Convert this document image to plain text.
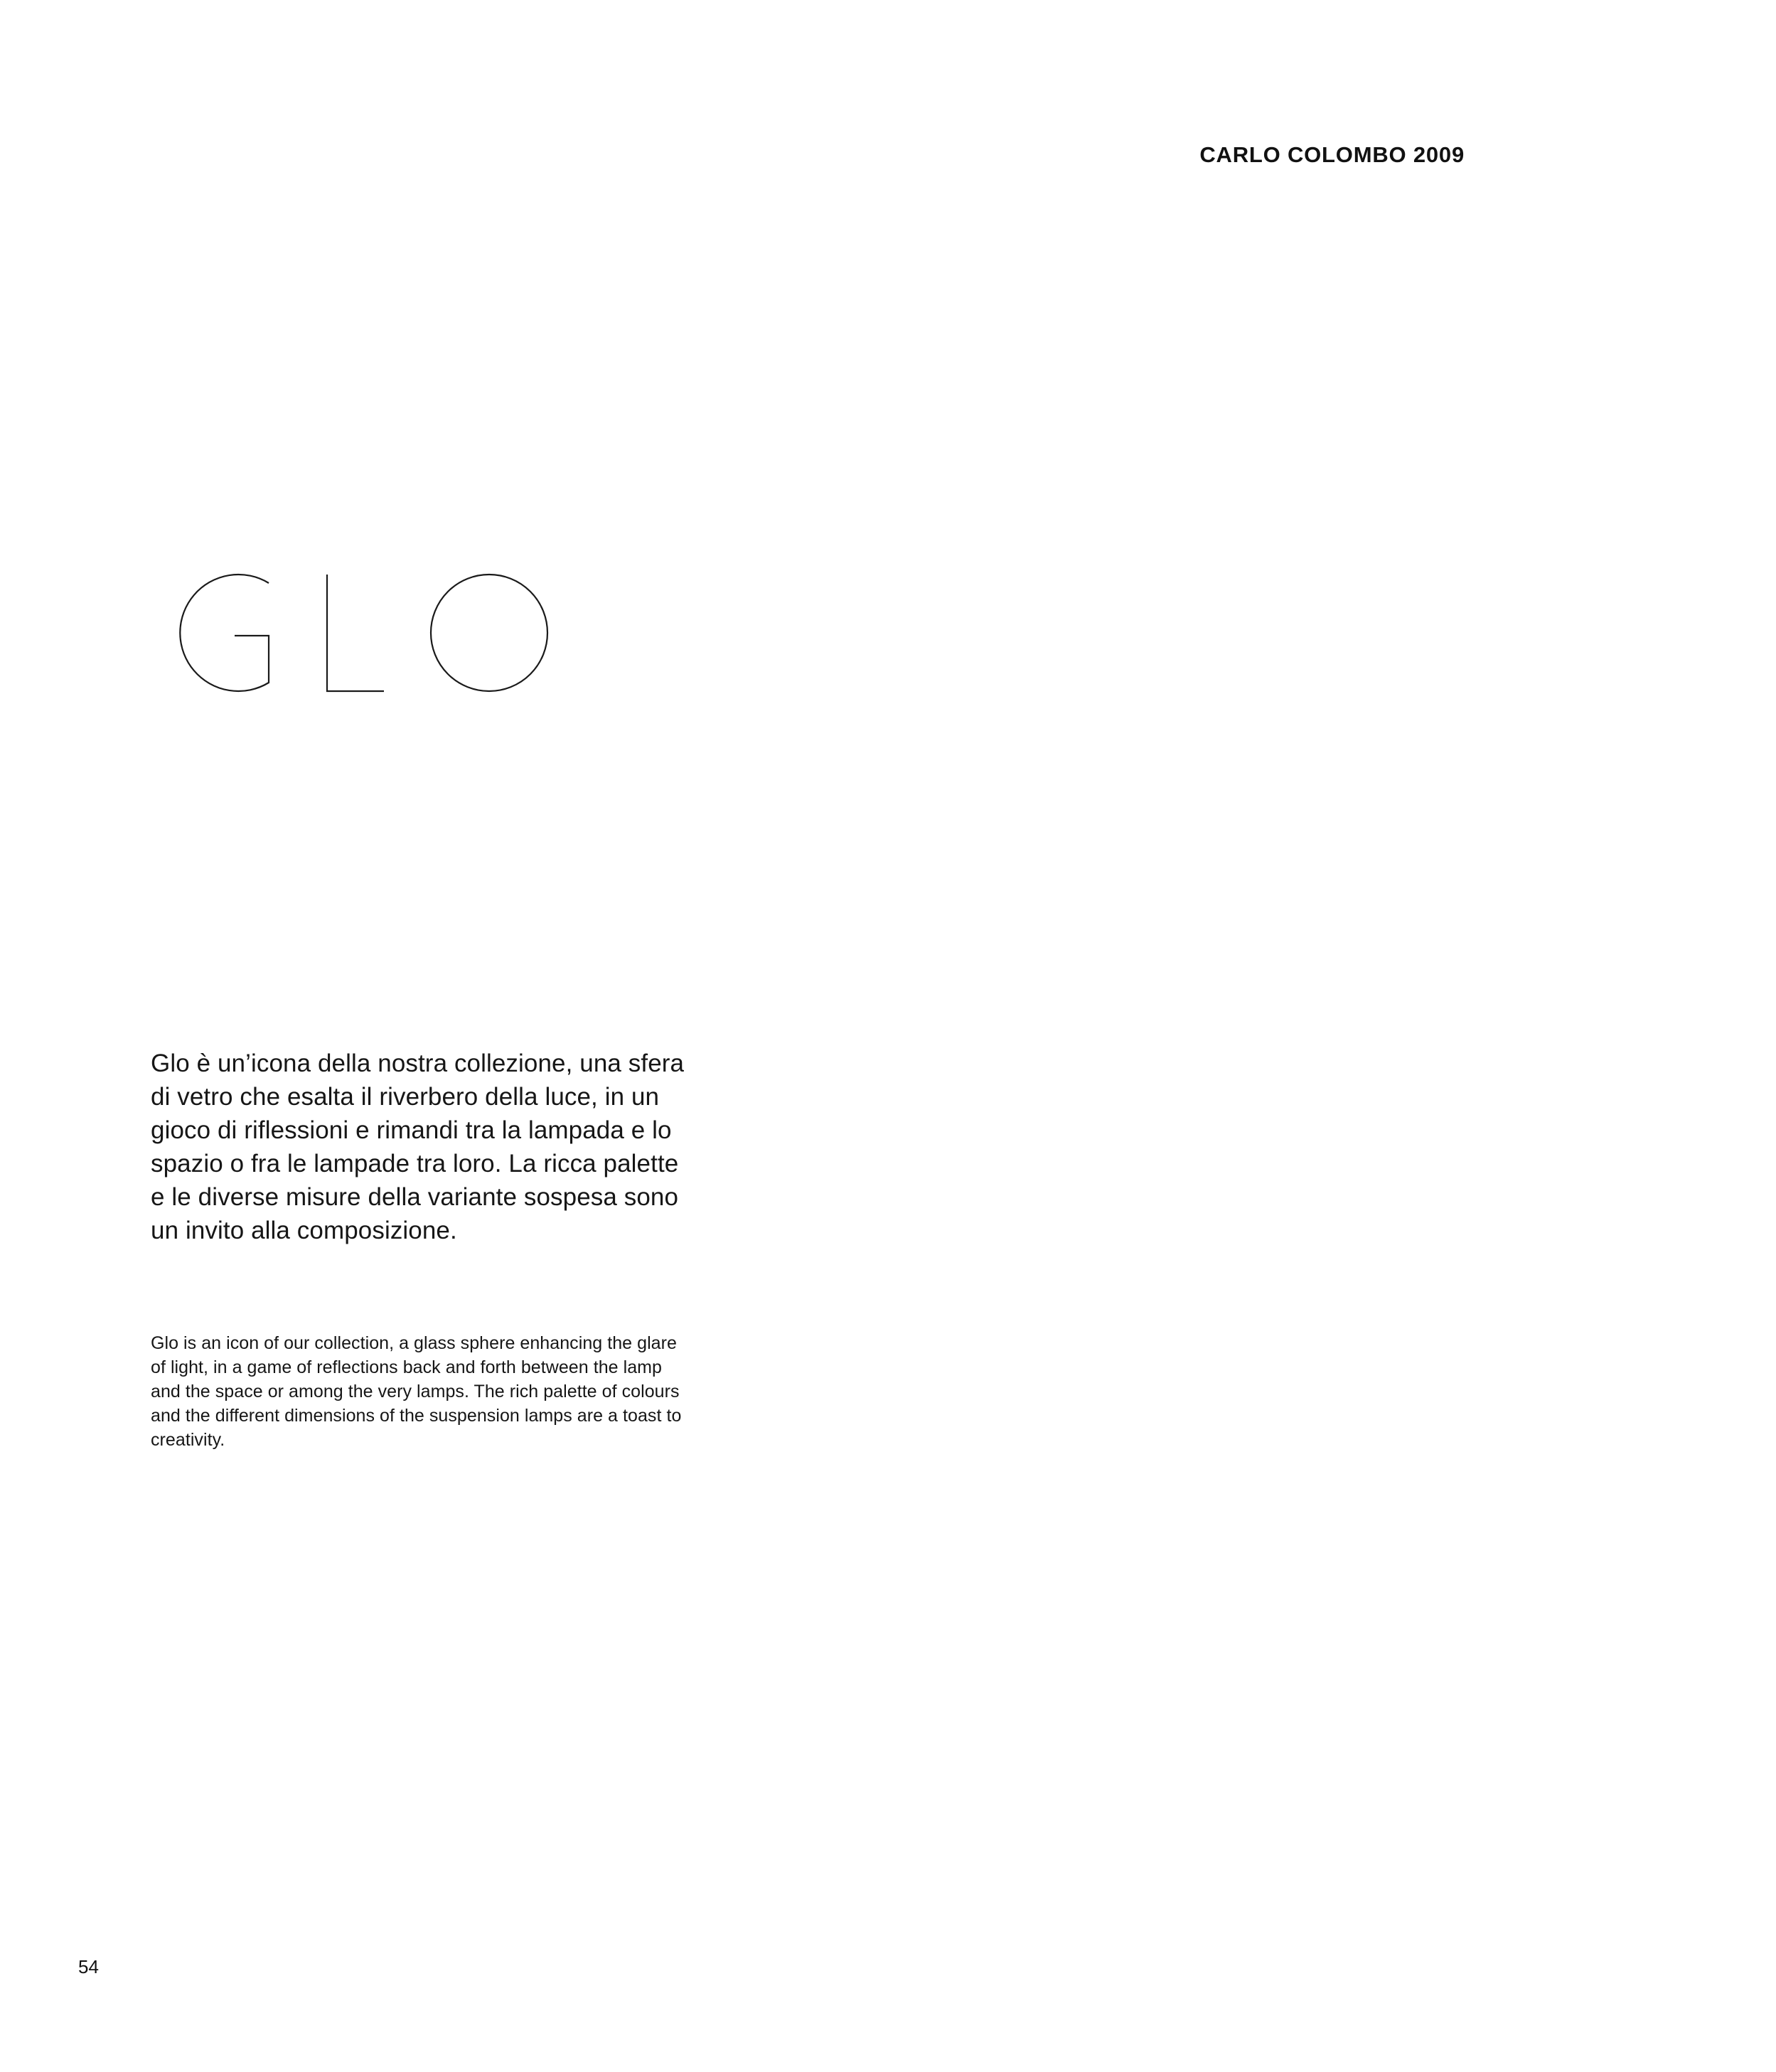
CARLO COLOMBO 2009
GLO
Glo è un’icona della nostra collezione, una sfera di vetro che esalta il riverbero della luce, in un gioco di riflessioni e rimandi tra la lampada e lo spazio o fra le lampade tra loro. La ricca palette e le diverse misure della variante sospesa sono un invito alla composizione.
Glo is an icon of our collection, a glass sphere enhancing the glare of light, in a game of reflections back and forth between the lamp and the space or among the very lamps. The rich palette of colours and the different dimensions of the suspension lamps are a toast to creativity.
54
